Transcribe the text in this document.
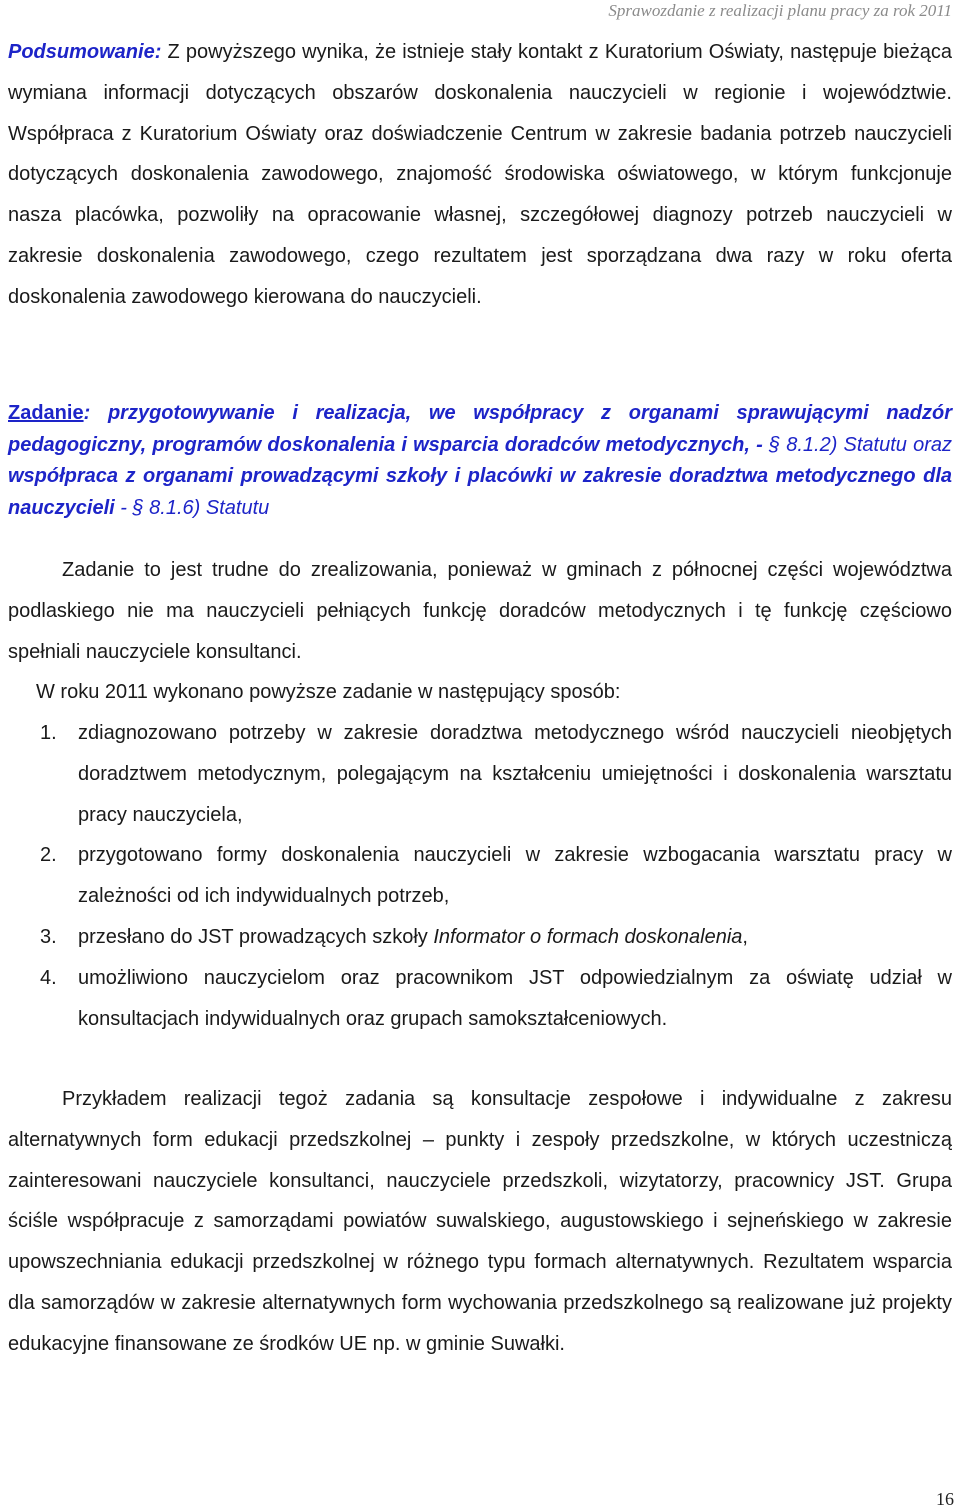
Sprawozdanie z realizacji planu pracy za rok 2011

Podsumowanie: Z powyższego wynika, że istnieje stały kontakt z Kuratorium Oświaty, następuje bieżąca wymiana informacji dotyczących obszarów doskonalenia nauczycieli w regionie i województwie. Współpraca z Kuratorium Oświaty oraz doświadczenie Centrum w zakresie badania potrzeb nauczycieli dotyczących doskonalenia zawodowego, znajomość środowiska oświatowego, w którym funkcjonuje nasza placówka, pozwoliły na opracowanie własnej, szczegółowej diagnozy potrzeb nauczycieli w zakresie doskonalenia zawodowego, czego rezultatem jest sporządzana dwa razy w roku oferta doskonalenia zawodowego kierowana do nauczycieli.

Zadanie: przygotowywanie i realizacja, we współpracy z organami sprawującymi nadzór pedagogiczny, programów doskonalenia i wsparcia doradców metodycznych, - § 8.1.2) Statutu oraz współpraca z organami prowadzącymi szkoły i placówki w zakresie doradztwa metodycznego dla nauczycieli - § 8.1.6) Statutu

Zadanie to jest trudne do zrealizowania, ponieważ w gminach z północnej części województwa podlaskiego nie ma nauczycieli pełniących funkcję doradców metodycznych i tę funkcję częściowo spełniali nauczyciele konsultanci.

W roku 2011 wykonano powyższe zadanie w następujący sposób:

1. zdiagnozowano potrzeby w zakresie doradztwa metodycznego wśród nauczycieli nieobjętych doradztwem metodycznym, polegającym na kształceniu umiejętności i doskonalenia warsztatu pracy nauczyciela,
2. przygotowano formy doskonalenia nauczycieli w zakresie wzbogacania warsztatu pracy w zależności od ich indywidualnych potrzeb,
3. przesłano do JST prowadzących szkoły Informator o formach doskonalenia,
4. umożliwiono nauczycielom oraz pracownikom JST odpowiedzialnym za oświatę udział w konsultacjach indywidualnych oraz grupach samokształceniowych.

Przykładem realizacji tegoż zadania są konsultacje zespołowe i indywidualne z zakresu alternatywnych form edukacji przedszkolnej – punkty i zespoły przedszkolne, w których uczestniczą zainteresowani nauczyciele konsultanci, nauczyciele przedszkoli, wizytatorzy, pracownicy JST. Grupa ściśle współpracuje z samorządami powiatów suwalskiego, augustowskiego i sejneńskiego w zakresie upowszechniania edukacji przedszkolnej w różnego typu formach alternatywnych. Rezultatem wsparcia dla samorządów w zakresie alternatywnych form wychowania przedszkolnego są realizowane już projekty edukacyjne finansowane ze środków UE np. w gminie Suwałki.

16
